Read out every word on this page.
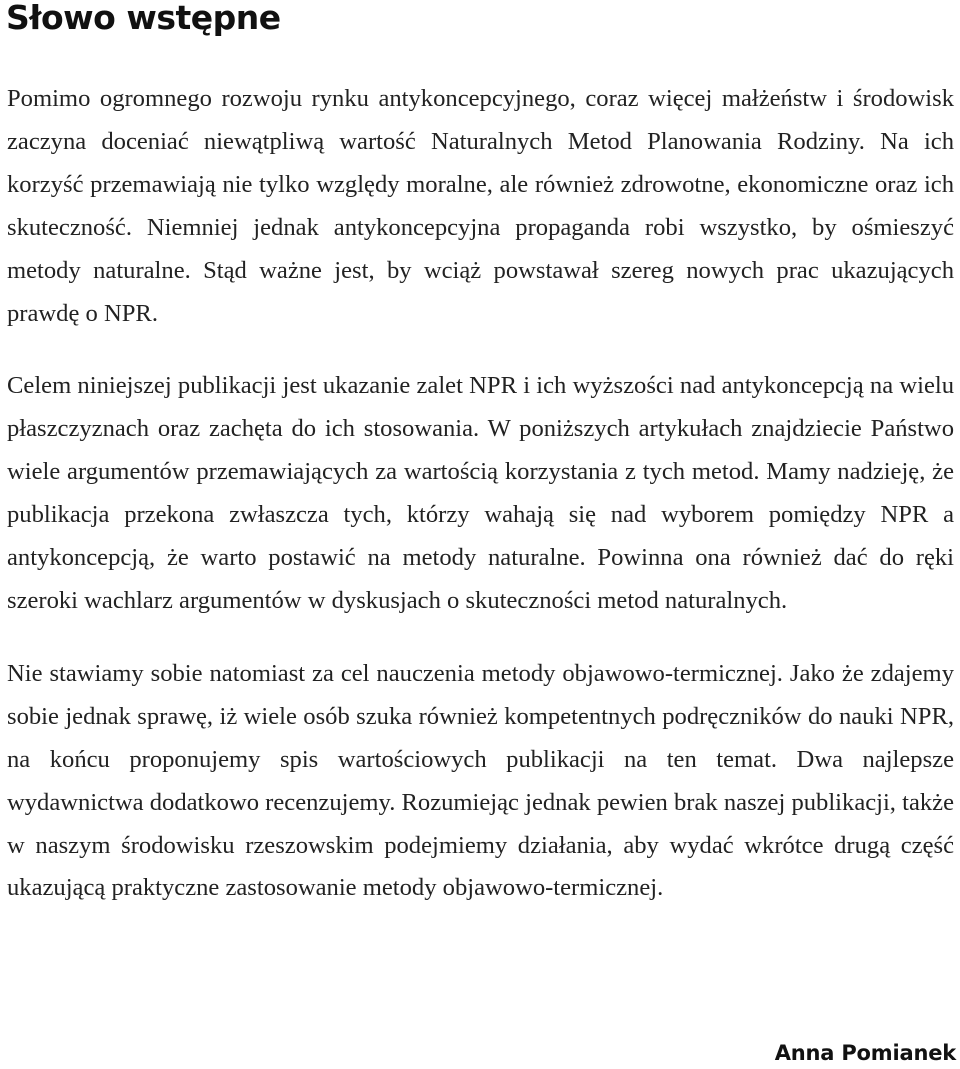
Słowo wstępne

Pomimo ogromnego rozwoju rynku antykoncepcyjnego, coraz więcej małżeństw i środowisk zaczyna doceniać niewątpliwą wartość Naturalnych Metod Planowania Rodziny. Na ich korzyść przemawiają nie tylko względy moralne, ale również zdrowotne, ekonomiczne oraz ich skuteczność. Niemniej jednak antykoncepcyjna propaganda robi wszystko, by ośmieszyć metody naturalne. Stąd ważne jest, by wciąż powstawał szereg nowych prac ukazujących prawdę o NPR.

Celem niniejszej publikacji jest ukazanie zalet NPR i ich wyższości nad antykoncepcją na wielu płaszczyznach oraz zachęta do ich stosowania. W poniższych artykułach znajdziecie Państwo wiele argumentów przemawiających za wartością korzystania z tych metod. Mamy nadzieję, że publikacja przekona zwłaszcza tych, którzy wahają się nad wyborem pomiędzy NPR a antykoncepcją, że warto postawić na metody naturalne. Powinna ona również dać do ręki szeroki wachlarz argumentów w dyskusjach o skuteczności metod naturalnych.

Nie stawiamy sobie natomiast za cel nauczenia metody objawowo-termicznej. Jako że zdajemy sobie jednak sprawę, iż wiele osób szuka również kompetentnych podręczników do nauki NPR, na końcu proponujemy spis wartościowych publikacji na ten temat. Dwa najlepsze wydawnictwa dodatkowo recenzujemy. Rozumiejąc jednak pewien brak naszej publikacji, także w naszym środowisku rzeszowskim podejmiemy działania, aby wydać wkrótce drugą część ukazującą praktyczne zastosowanie metody objawowo-termicznej.

Anna Pomianek
